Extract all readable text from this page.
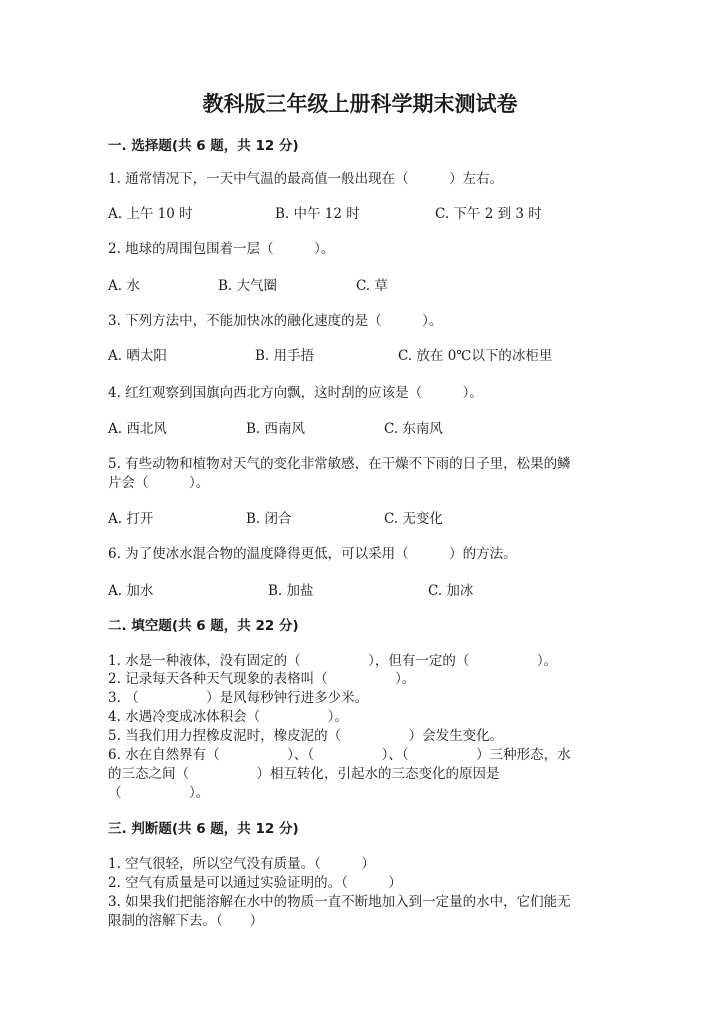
教科版三年级上册科学期末测试卷
一. 选择题(共 6 题，共 12 分)
1. 通常情况下，一天中气温的最高值一般出现在（　　　）左右。
A. 上午 10 时	B. 中午 12 时	C. 下午 2 到 3 时
2. 地球的周围包围着一层（　　　）。
A. 水	B. 大气圈	C. 草
3. 下列方法中，不能加快冰的融化速度的是（　　　）。
A. 晒太阳	B. 用手捂	C. 放在 0℃以下的冰柜里
4. 红红观察到国旗向西北方向飘，这时刮的应该是（　　　）。
A. 西北风	B. 西南风	C. 东南风
5. 有些动物和植物对天气的变化非常敏感，在干燥不下雨的日子里，松果的鳞
片会（　　　）。
A. 打开	B. 闭合	C. 无变化
6. 为了使冰水混合物的温度降得更低，可以采用（　　　）的方法。
A. 加水	B. 加盐	C. 加冰
二. 填空题(共 6 题，共 22 分)
1. 水是一种液体，没有固定的（　　　　　），但有一定的（　　　　　）。
2. 记录每天各种天气现象的表格叫（　　　　　）。
3. （　　　　　）是风每秒钟行进多少米。
4. 水遇冷变成冰体积会（　　　　　）。
5. 当我们用力捏橡皮泥时，橡皮泥的（　　　　　）会发生变化。
6. 水在自然界有（　　　　　）、（　　　　　）、（　　　　　）三种形态，水
的三态之间（　　　　　）相互转化，引起水的三态变化的原因是
（　　　　　）。
三. 判断题(共 6 题，共 12 分)
1. 空气很轻，所以空气没有质量。（　　　）
2. 空气有质量是可以通过实验证明的。（　　　）
3. 如果我们把能溶解在水中的物质一直不断地加入到一定量的水中，它们能无
限制的溶解下去。（　　）
